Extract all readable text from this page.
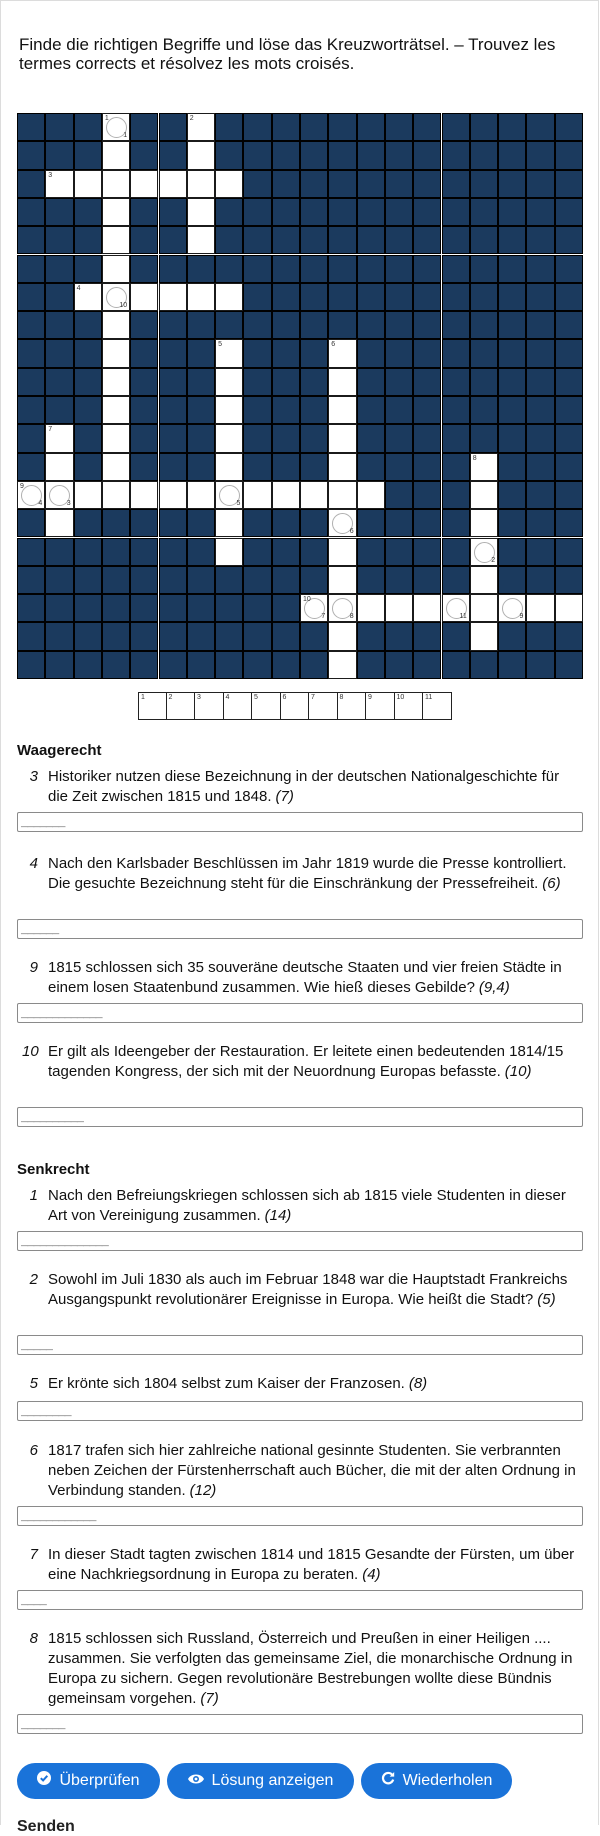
Finde die richtigen Begriffe und löse das Kreuzworträtsel. – Trouvez les termes corrects et résolvez les mots croisés.
1
1	2
3
4
10
5	6
7
8
4
9
3	5
6
2
7
10
8	11	9
1	2	3	4	5	6	7	8	9	10	11
Waagerecht
3 Historiker nutzen diese Bezeichnung in der deutschen Nationalgeschichte für die Zeit zwischen 1815 und 1848. (7)
_______
4 Nach den Karlsbader Beschlüssen im Jahr 1819 wurde die Presse kontrolliert. Die gesuchte Bezeichnung steht für die Einschränkung der Pressefreiheit. (6)
______
9 1815 schlossen sich 35 souveräne deutsche Staaten und vier freien Städte in einem losen Staatenbund zusammen. Wie hieß dieses Gebilde? (9,4)
_____________
10 Er gilt als Ideengeber der Restauration. Er leitete einen bedeutenden 1814/15 tagenden Kongress, der sich mit der Neuordnung Europas befasste. (10)
__________
Senkrecht
1 Nach den Befreiungskriegen schlossen sich ab 1815 viele Studenten in dieser Art von Vereinigung zusammen. (14)
______________
2 Sowohl im Juli 1830 als auch im Februar 1848 war die Hauptstadt Frankreichs Ausgangspunkt revolutionärer Ereignisse in Europa. Wie heißt die Stadt? (5)
_____
5 Er krönte sich 1804 selbst zum Kaiser der Franzosen. (8)
________
6 1817 trafen sich hier zahlreiche national gesinnte Studenten. Sie verbrannten neben Zeichen der Fürstenherrschaft auch Bücher, die mit der alten Ordnung in Verbindung standen. (12)
____________
7 In dieser Stadt tagten zwischen 1814 und 1815 Gesandte der Fürsten, um über eine Nachkriegsordnung in Europa zu beraten. (4)
____
8 1815 schlossen sich Russland, Österreich und Preußen in einer Heiligen .... zusammen. Sie verfolgten das gemeinsame Ziel, die monarchische Ordnung in Europa zu sichern. Gegen revolutionäre Bestrebungen wollte diese Bündnis gemeinsam vorgehen. (7)
_______
Überprüfen	Lösung anzeigen	Wiederholen
Senden
